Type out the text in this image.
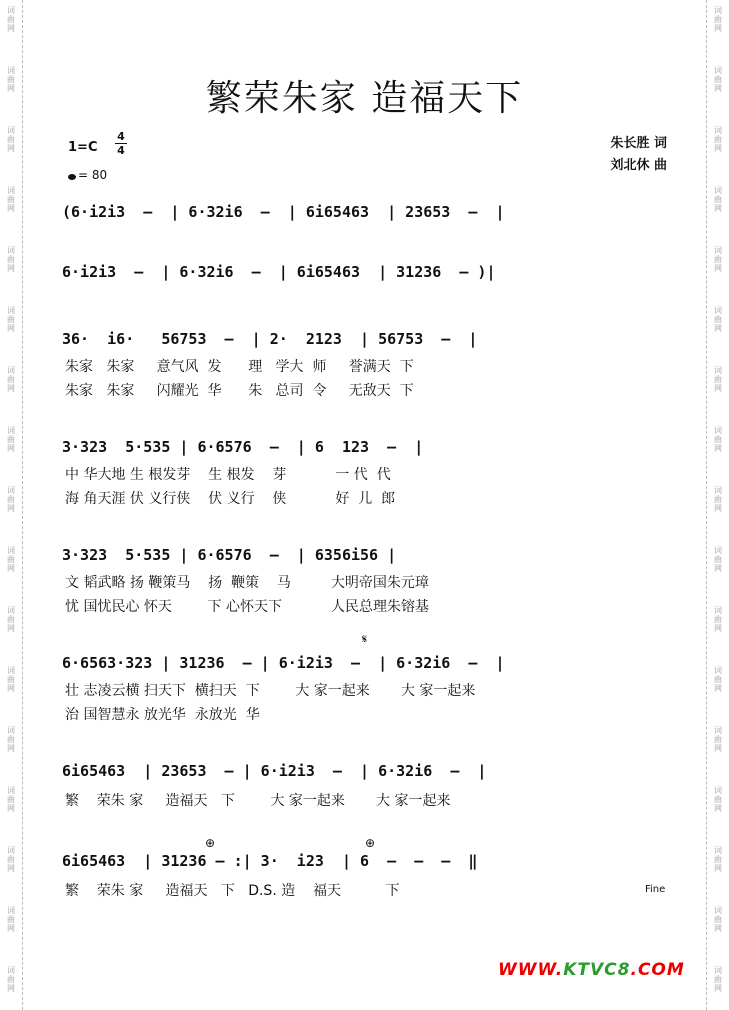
词
曲
网
词
曲
网
词
曲
网
词
曲
网
词
曲
网
词
曲
网
词
曲
网
词
曲
网
词
曲
网
词
曲
网
词
曲
网
词
曲
网
词
曲
网
词
曲
网
词
曲
网
词
曲
网
词
曲
网
词
曲
网
词
曲
网
词
曲
网
词
曲
网
词
曲
网
词
曲
网
词
曲
网
词
曲
网
词
曲
网
词
曲
网
词
曲
网
词
曲
网
词
曲
网
词
曲
网
词
曲
网
词
曲
网
词
曲
网
繁荣朱家 造福天下
1=C
4
4
= 80
朱长胜 词
刘北休 曲
(6·i2i3  –  | 6·32i6  –  | 6i65463  | 23653  –  |
6·i2i3  –  | 6·32i6  –  | 6i65463  | 31236  – )|
36·  i6·   56753  –  | 2·  2123  | 56753  –  |
朱家   朱家     意气风  发      理   学大  师     誉满天  下
朱家   朱家     闪耀光  华      朱   总司  令     无敌天  下
3·323  5·535 | 6·6576  –  | 6  123  –  |
中 华大地 生 根发芽    生 根发    芽           一 代  代
海 角天涯 伏 义行侠    伏 义行    侠           好  儿  郎
3·323  5·535 | 6·6576  –  | 6356i56 |
文 韬武略 扬 鞭策马    扬  鞭策    马         大明帝国朱元璋
忧 国忧民心 怀天        下 心怀天下           人民总理朱镕基
𝄋
6·6563·323 | 31236  – | 6·i2i3  –  | 6·32i6  –  |
壮 志凌云横 扫天下  横扫天  下        大 家一起来       大 家一起来
治 国智慧永 放光华  永放光  华
6i65463  | 23653  – | 6·i2i3  –  | 6·32i6  –  |
繁    荣朱 家     造福天   下        大 家一起来       大 家一起来
⊕	⊕
6i65463  | 31236 – :| 3·  i23  | 6  –  –  –  ‖
繁    荣朱 家     造福天   下   D.S. 造    福天          下	Fine
WWW.KTVC8.COM
